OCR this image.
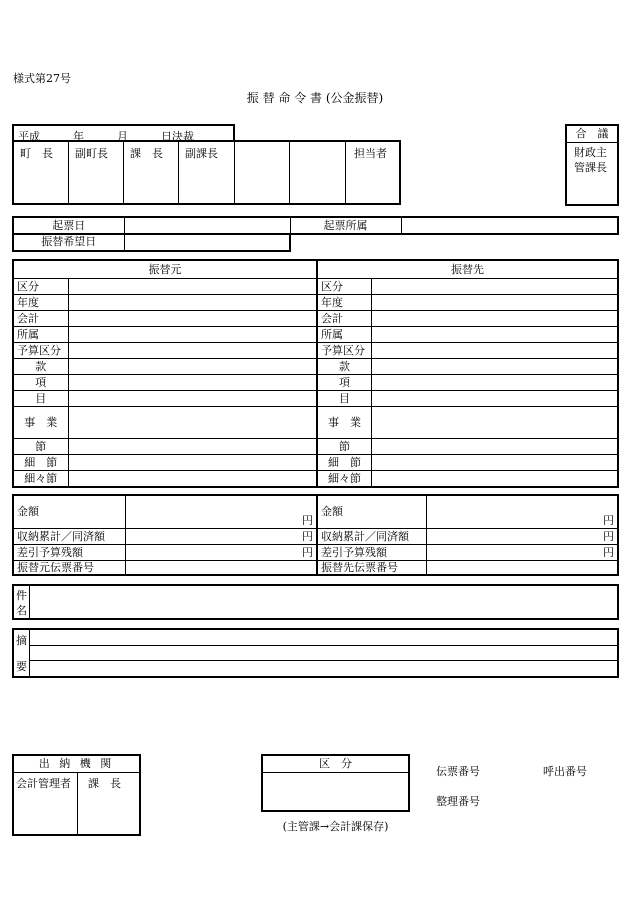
様式第27号
振 替 命 令 書 (公金振替)
平成　　　年　　　月　　　日決裁
町　長	副町長	課　長	副課長	担当者
合　議
財政主
管課長
起票日		起票所属	
振替希望日	
振替元	
区分	
年度	
会計	
所属	
予算区分	
款	
項	
目	
事　業	
節	
細　節	
細々節	
振替先	
区分	
年度	
会計	
所属	
予算区分	
款	
項	
目	
事　業	
節	
細　節	
細々節	
金額	円
収納累計／同済額	円
差引予算残額	円
振替元伝票番号	
金額	円
収納累計／同済額	円
差引予算残額	円
振替先伝票番号	
件
名
摘
要
出 納 機 関
会計管理者	課　長
区　分
(主管課→会計課保存)
伝票番号	呼出番号
整理番号
